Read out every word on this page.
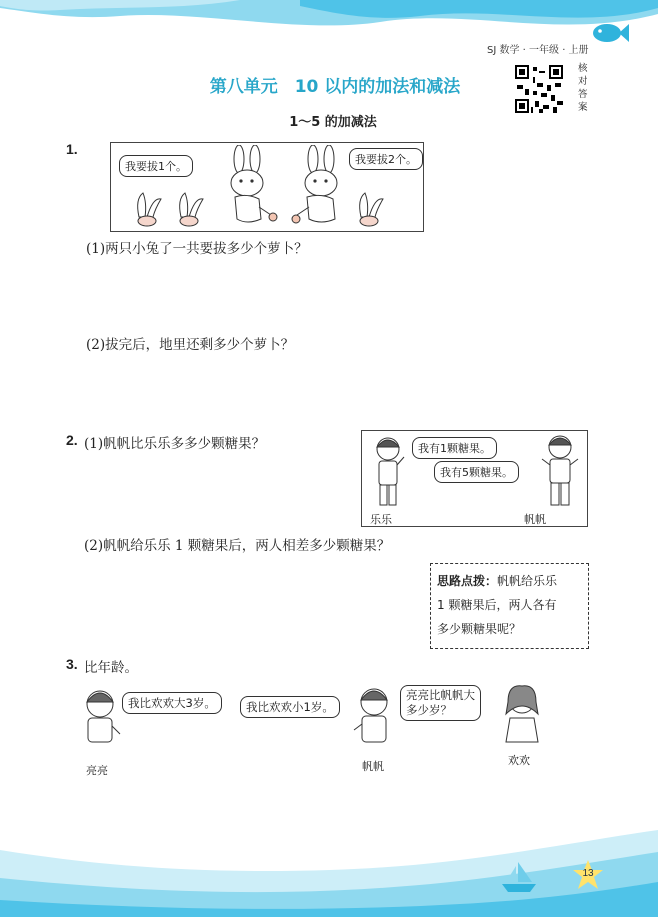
SJ 数学 · 一年级 · 上册
核对答案
第八单元　10 以内的加法和减法
1～5 的加减法
1.
我要拔1个。
我要拔2个。
(1)两只小兔了一共要拔多少个萝卜？
(2)拔完后，地里还剩多少个萝卜？
2. (1)帆帆比乐乐多多少颗糖果？
乐乐
我有1颗糖果。
我有5颗糖果。
帆帆
(2)帆帆给乐乐 1 颗糖果后，两人相差多少颗糖果？
思路点拨：帆帆给乐乐
1 颗糖果后，两人各有
多少颗糖果呢？
3. 比年龄。
我比欢欢大3岁。
亮亮
我比欢欢小1岁。
帆帆
亮亮比帆帆大
多少岁？
欢欢
13
